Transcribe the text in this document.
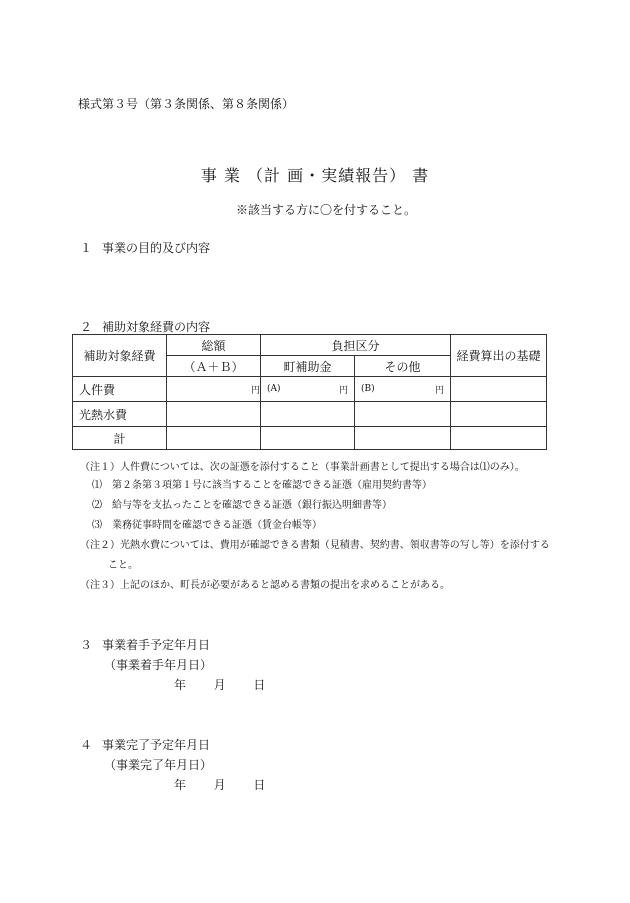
様式第３号（第３条関係、第８条関係）
事 業 （計 画・実績報告） 書
※該当する方に〇を付すること。
１ 事業の目的及び内容
２ 補助対象経費の内容
補助対象経費	総額	負担区分		経費算出の基礎
	（Ａ＋Ｂ）	町補助金	その他	
人件費	円	(A) 円	(B) 円	

光熱水費				
計				
（注１）人件費については、次の証憑を添付すること（事業計画書として提出する場合は⑴のみ）。
⑴　第２条第３項第１号に該当することを確認できる証憑（雇用契約書等）
⑵　給与等を支払ったことを確認できる証憑（銀行振込明細書等）
⑶　業務従事時間を確認できる証憑（賃金台帳等）
（注２）光熱水費については、費用が確認できる書類（見積書、契約書、領収書等の写し等）を添付する
こと。
（注３）上記のほか、町長が必要があると認める書類の提出を求めることがある。
３ 事業着手予定年月日
（事業着手年月日）
年 月 日
４ 事業完了予定年月日
（事業完了年月日）
年 月 日
